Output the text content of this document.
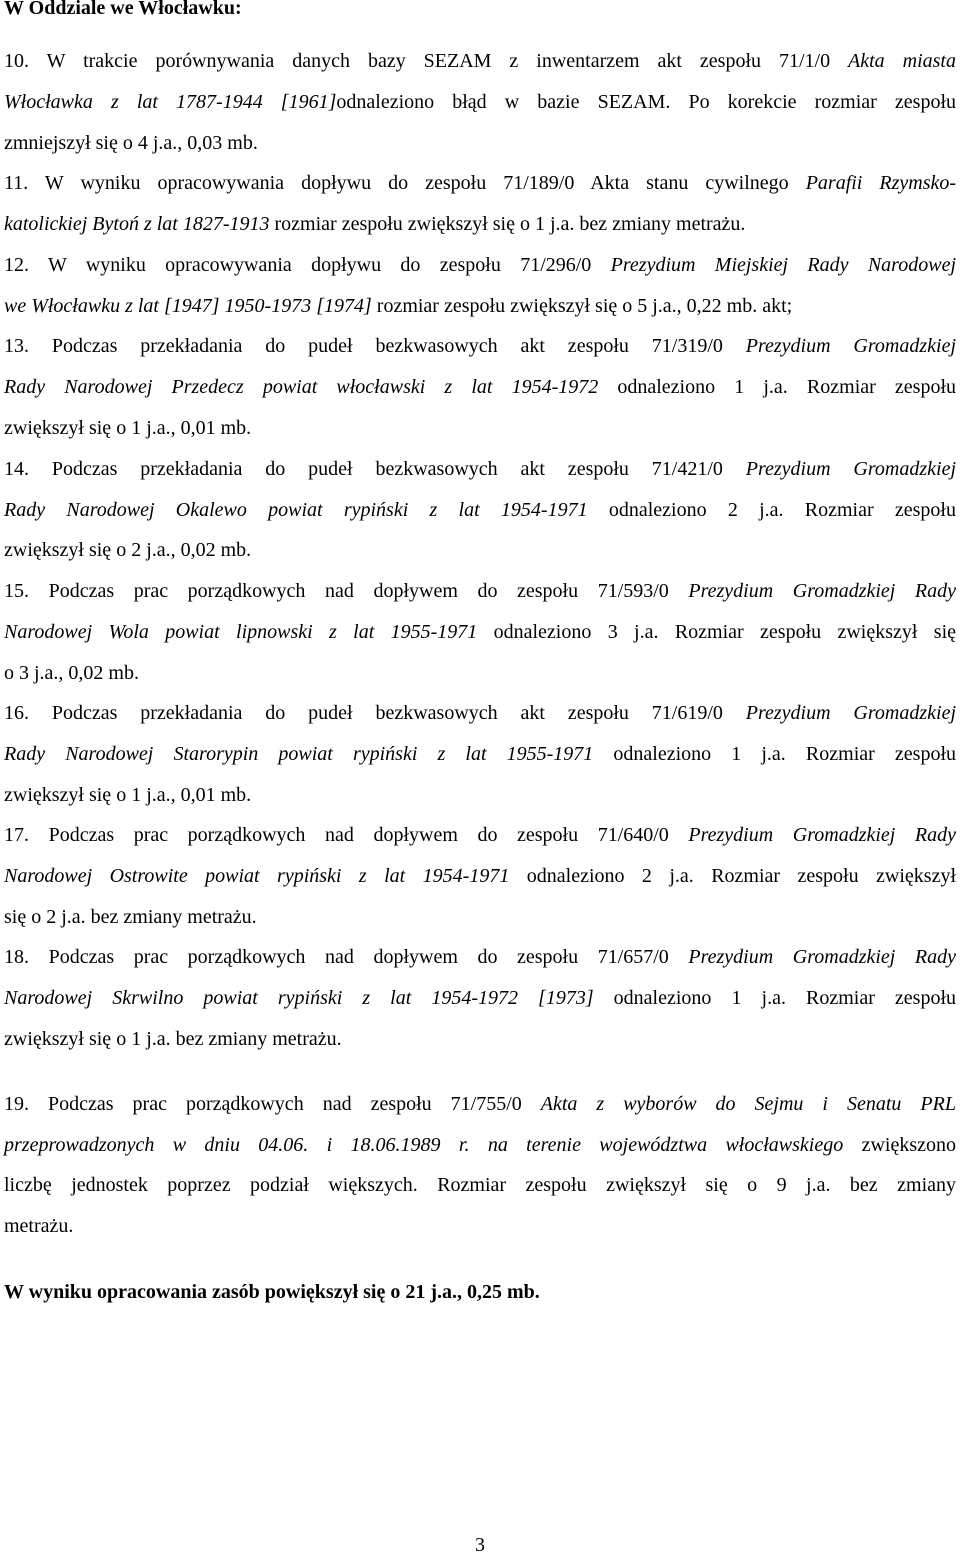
W Oddziale we Włocławku:
10. W trakcie porównywania danych bazy SEZAM z inwentarzem akt zespołu 71/1/0 Akta miasta
Włocławka z lat 1787-1944 [1961]odnaleziono błąd w bazie SEZAM. Po korekcie rozmiar zespołu
zmniejszył się o 4 j.a., 0,03 mb.
11. W wyniku opracowywania dopływu do zespołu 71/189/0 Akta stanu cywilnego Parafii Rzymsko-
katolickiej Bytoń z lat 1827-1913 rozmiar zespołu zwiększył się o 1 j.a. bez zmiany metrażu.
12. W wyniku opracowywania dopływu do zespołu 71/296/0 Prezydium Miejskiej Rady Narodowej
we Włocławku z lat [1947] 1950-1973 [1974] rozmiar zespołu zwiększył się o 5 j.a., 0,22 mb. akt;
13. Podczas przekładania do pudeł bezkwasowych akt zespołu 71/319/0 Prezydium Gromadzkiej
Rady Narodowej Przedecz powiat włocławski z lat 1954-1972 odnaleziono 1 j.a. Rozmiar zespołu
zwiększył się o 1 j.a., 0,01 mb.
14. Podczas przekładania do pudeł bezkwasowych akt zespołu 71/421/0 Prezydium Gromadzkiej
Rady Narodowej Okalewo powiat rypiński z lat 1954-1971 odnaleziono 2 j.a. Rozmiar zespołu
zwiększył się o 2 j.a., 0,02 mb.
15. Podczas prac porządkowych nad dopływem do zespołu 71/593/0 Prezydium Gromadzkiej Rady
Narodowej Wola powiat lipnowski z lat 1955-1971 odnaleziono 3 j.a. Rozmiar zespołu zwiększył się
o 3 j.a., 0,02 mb.
16. Podczas przekładania do pudeł bezkwasowych akt zespołu 71/619/0 Prezydium Gromadzkiej
Rady Narodowej Starorypin powiat rypiński z lat 1955-1971 odnaleziono 1 j.a. Rozmiar zespołu
zwiększył się o 1 j.a., 0,01 mb.
17. Podczas prac porządkowych nad dopływem do zespołu 71/640/0 Prezydium Gromadzkiej Rady
Narodowej Ostrowite powiat rypiński z lat 1954-1971 odnaleziono 2 j.a. Rozmiar zespołu zwiększył
się o 2 j.a. bez zmiany metrażu.
18. Podczas prac porządkowych nad dopływem do zespołu 71/657/0 Prezydium Gromadzkiej Rady
Narodowej Skrwilno powiat rypiński z lat 1954-1972 [1973] odnaleziono 1 j.a. Rozmiar zespołu
zwiększył się o 1 j.a. bez zmiany metrażu.
19. Podczas prac porządkowych nad zespołu 71/755/0 Akta z wyborów do Sejmu i Senatu PRL
przeprowadzonych w dniu 04.06. i 18.06.1989 r. na terenie województwa włocławskiego zwiększono
liczbę jednostek poprzez podział większych. Rozmiar zespołu zwiększył się o 9 j.a. bez zmiany
metrażu.
W wyniku opracowania zasób powiększył się o 21 j.a., 0,25 mb.
3
